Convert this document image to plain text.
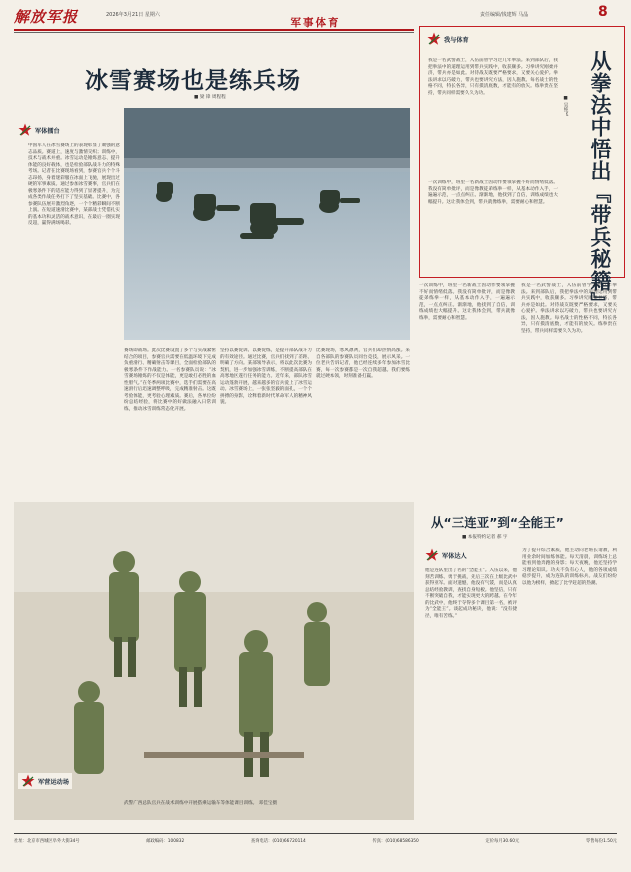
解放军报	2026年3月21日 星期六
军事体育
责任编辑/钱建辉 马晶	8
冰雪赛场也是练兵场
■ 梁 锋 周程程
军体擂台
中国军人在冰雪赛场上的表现彰显了顽强的意志品质。赛道上，速度与激情交织；训练中，技术与战术并重。冰雪运动是锤炼意志、提升体能的良好载体，也是检验部队战斗力的特殊考场。记者在比赛现场看到，参赛官兵个个斗志昂扬，身着迷彩服在冰面上飞驰，展现出过硬的军事素质。通过参加冰雪赛事，官兵们在极寒条件下的适应能力得到了显著提升，为完成各类作战任务打下了坚实基础。比赛中，各参赛队伍展开激烈角逐，一个个精彩瞬间不断上演。在短道速滑比赛中，某部战士凭借扎实的基本功和灵活的战术意识，在最后一圈实现反超，赢得满场喝彩。
赛场即战场。此次比赛设置了多个与实战紧密结合的项目，参赛官兵需要在低温环境下完成负重滑行、精确射击等课目，全面检验部队的极寒条件下作战能力。一名参赛队员说：“冰雪赛场锤炼的不仅是体能，更是敢打必胜的血性胆气。”在冬季两项比赛中，选手们需要在高速滑行后迅速调整呼吸，完成精准射击。这既考验体能，更考验心理素质。赛后，各单位纷纷总结经验，将比赛中的好做法融入日常训练，推动冰雪训练常态化开展。
坚持以赛促训、以赛促练，是提升部队战斗力的有效途径。通过比赛，官兵们找到了差距、明确了方向。某部领导表示，将以此次比赛为契机，进一步加强冰雪训练，不断提高部队在高寒地区遂行任务的能力。近年来，部队冰雪运动蓬勃开展，越来越多的官兵爱上了冰雪运动。冰雪赛场上，一张张坚毅的面孔，一个个拼搏的身影，诠释着新时代革命军人的精神风貌。
比赛现场，寒风凛冽，官兵们却热情高涨。来自各部队的参赛队员同台竞技，展示风采。一位老兵告诉记者，他已经连续多年参加冰雪比赛，每一次参赛都是一次自我超越。我们要练就过硬本领，时刻准备打赢。
我与体育
我是一名武警战士，入伍前曾学习过几年拳法。来到部队后，我把拳法中的道理运用到带兵实践中，收获颇多。习拳讲究刚柔并济，带兵亦是如此。对待战友既要严格要求，又要关心爱护。拳法讲求以巧破力，带兵也要讲究方法，因人施教。每名战士的性格不同，特长各异，只有摸清底数，才能有的放矢。练拳贵在坚持，带兵同样需要久久为功。
一次训练中，班里一名新战士因动作要领掌握不好而情绪低落。我没有简单批评，而是像教徒弟练拳一样，从基本动作入手，一遍遍示范，一点点纠正。渐渐地，他找到了自信，训练成绩也大幅提升。这让我体会到，带兵就像练拳，需要耐心和智慧。
■ 吴纯飞 从拳法中悟出『带兵秘籍』
一次训练中，班里一名新战士因动作要领掌握不好而情绪低落。我没有简单批评，而是像教徒弟练拳一样，从基本动作入手，一遍遍示范，一点点纠正。渐渐地，他找到了自信，训练成绩也大幅提升。这让我体会到，带兵就像练拳，需要耐心和智慧。
我是一名武警战士，入伍前曾学习过几年拳法。来到部队后，我把拳法中的道理运用到带兵实践中，收获颇多。习拳讲究刚柔并济，带兵亦是如此。对待战友既要严格要求，又要关心爱护。拳法讲求以巧破力，带兵也要讲究方法，因人施教。每名战士的性格不同，特长各异，只有摸清底数，才能有的放矢。练拳贵在坚持，带兵同样需要久久为功。
从“三连亚”到“全能王”
■ 本报特约记者 郝 宇
军体达人
他是连队里出了名的“全能王”。入伍以来，他刻苦训练、勇于挑战，先后三次在上级比武中获得亚军。面对遗憾，他没有气馁，而是认真总结经验教训，查找自身短板。他坚信，只有不断突破自我，才能实现更大的跨越。在今年的比武中，他终于夺得多个课目第一名，被评为“全能王”。谈起成功秘诀，他说：“没有捷径，唯有苦练。”
为了提升综合素质，他主动向老班长请教，利用业余时间加练体能。每天清晨，训练场上总能看到他奔跑的身影；每天夜晚，他还坚持学习理论知识。功夫不负有心人，他的各项成绩稳步提升，成为连队的训练标兵。战友们纷纷以他为榜样，掀起了比学赶超的热潮。
军营运动场
武警广西总队官兵在战术训练中开展搭乘运输车等体能课目训练。 邓佳宝摄
社址：北京市西城区阜外大街34号	邮政编码：100832	查询电话：(010)66720114	传真：(010)68586350	定价每月30.60元	零售每份1.50元
